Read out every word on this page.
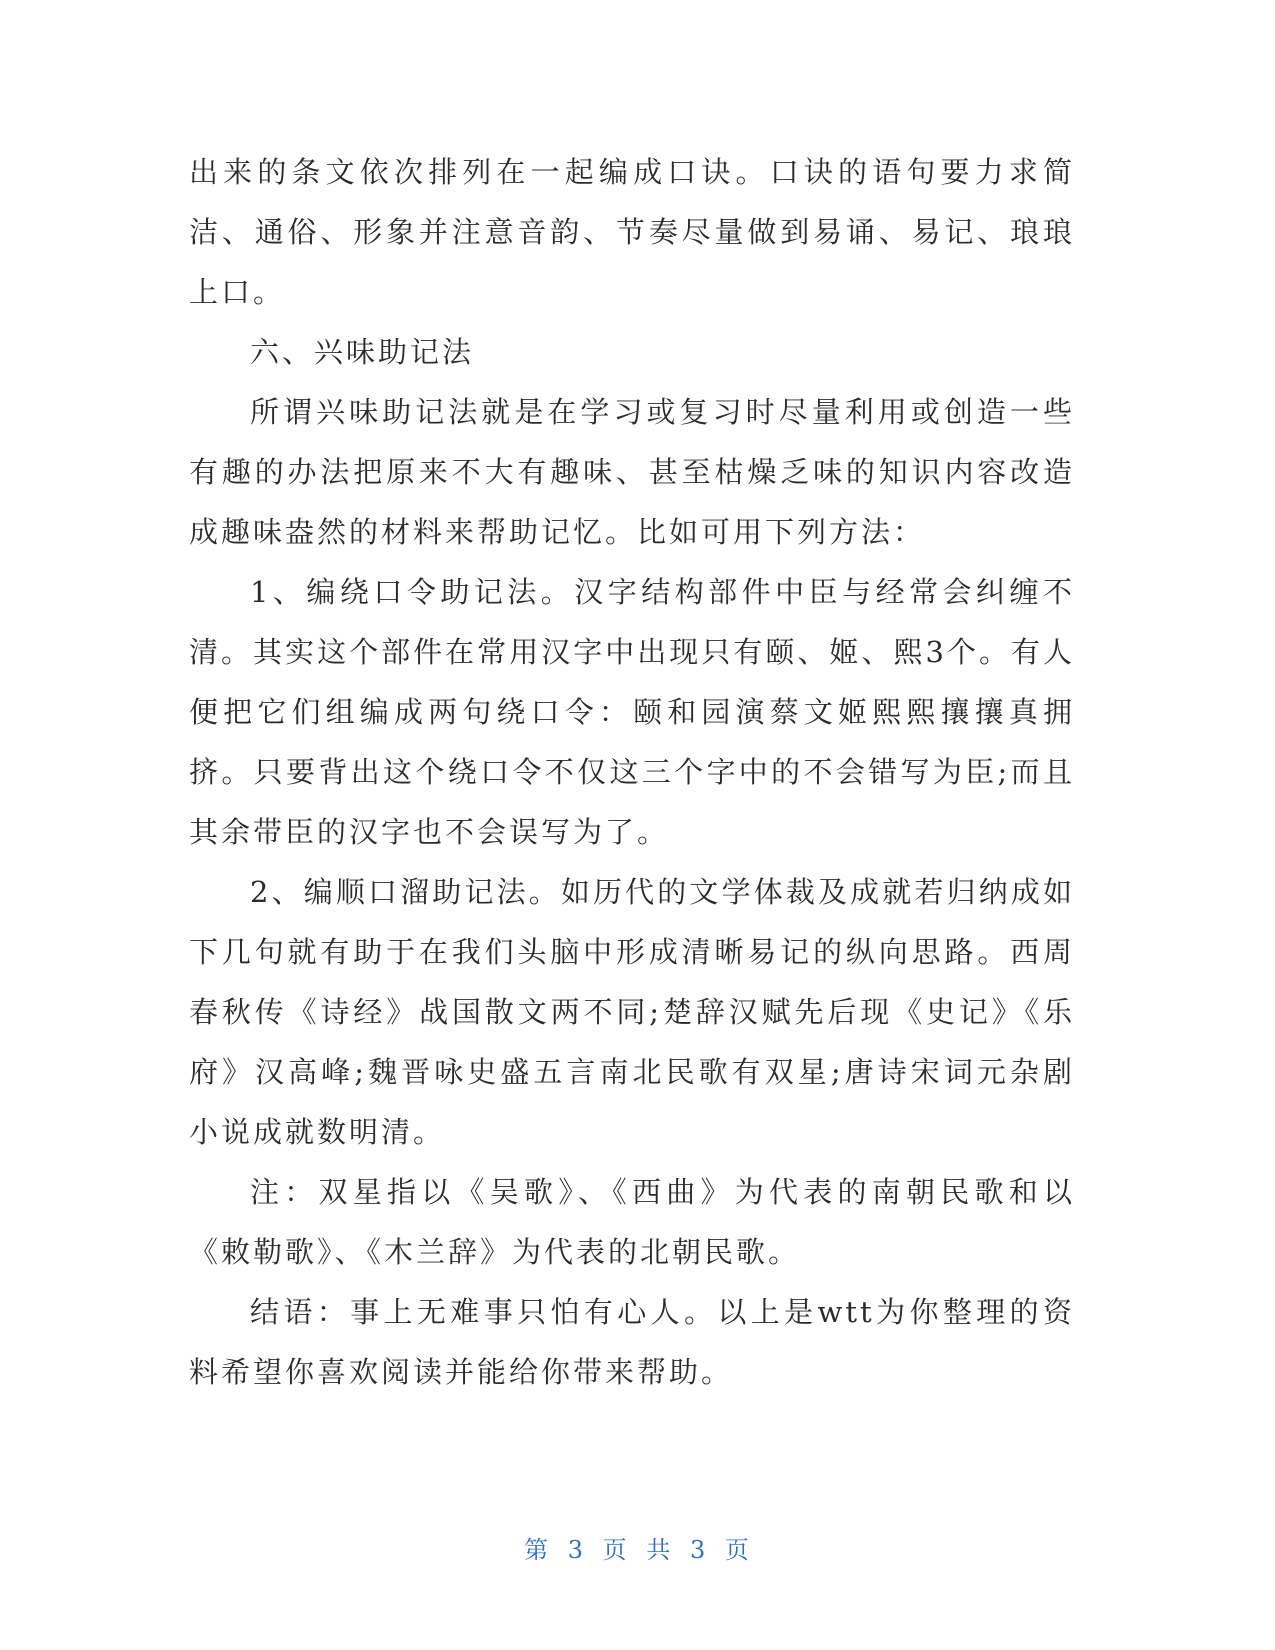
出来的条文依次排列在一起编成口诀。口诀的语句要力求简洁、通俗、形象并注意音韵、节奏尽量做到易诵、易记、琅琅上口。

六、兴味助记法

所谓兴味助记法就是在学习或复习时尽量利用或创造一些有趣的办法把原来不大有趣味、甚至枯燥乏味的知识内容改造成趣味盎然的材料来帮助记忆。比如可用下列方法：

1、编绕口令助记法。汉字结构部件中臣与经常会纠缠不清。其实这个部件在常用汉字中出现只有颐、姬、熙3个。有人便把它们组编成两句绕口令：颐和园演蔡文姬熙熙攘攘真拥挤。只要背出这个绕口令不仅这三个字中的不会错写为臣;而且其余带臣的汉字也不会误写为了。

2、编顺口溜助记法。如历代的文学体裁及成就若归纳成如下几句就有助于在我们头脑中形成清晰易记的纵向思路。西周春秋传《诗经》战国散文两不同;楚辞汉赋先后现《史记》《乐府》汉高峰;魏晋咏史盛五言南北民歌有双星;唐诗宋词元杂剧小说成就数明清。

注：双星指以《吴歌》、《西曲》为代表的南朝民歌和以《敕勒歌》、《木兰辞》为代表的北朝民歌。

结语：事上无难事只怕有心人。以上是wtt为你整理的资料希望你喜欢阅读并能给你带来帮助。

第 3 页 共 3 页
